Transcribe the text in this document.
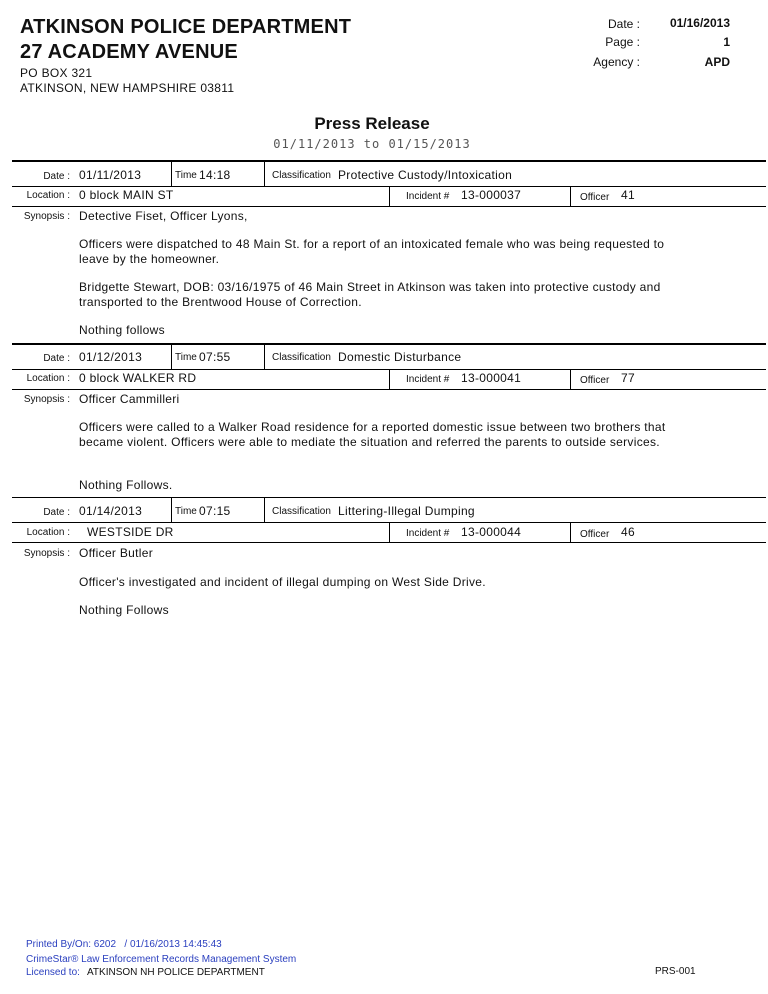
ATKINSON POLICE DEPARTMENT
27 ACADEMY AVENUE
PO BOX 321
ATKINSON, NEW HAMPSHIRE 03811
Date :	01/16/2013
Page :	1
Agency :	APD
Press Release
01/11/2013 to 01/15/2013
Date : 01/11/2013	Time 14:18	Classification Protective Custody/Intoxication
Location : 0 block MAIN ST	Incident # 13-000037	Officer 41
Synopsis : Detective Fiset, Officer Lyons,
Officers were dispatched to 48 Main St. for a report of an intoxicated female who was being requested to leave by the homeowner.
Bridgette Stewart, DOB: 03/16/1975 of 46 Main Street in Atkinson was taken into protective custody and transported to the Brentwood House of Correction.
Nothing follows
Date : 01/12/2013	Time 07:55	Classification Domestic Disturbance
Location : 0 block WALKER RD	Incident # 13-000041	Officer 77
Synopsis : Officer Cammilleri
Officers were called to a Walker Road residence for a reported domestic issue between two brothers that became violent. Officers were able to mediate the situation and referred the parents to outside services.
Nothing Follows.
Date : 01/14/2013	Time 07:15	Classification Littering-Illegal Dumping
Location : WESTSIDE DR	Incident # 13-000044	Officer 46
Synopsis : Officer Butler
Officer's investigated and incident of illegal dumping on West Side Drive.
Nothing Follows
Printed By/On: 6202   / 01/16/2013 14:45:43
CrimeStar® Law Enforcement Records Management System
Licensed to: ATKINSON NH POLICE DEPARTMENT	PRS-001
